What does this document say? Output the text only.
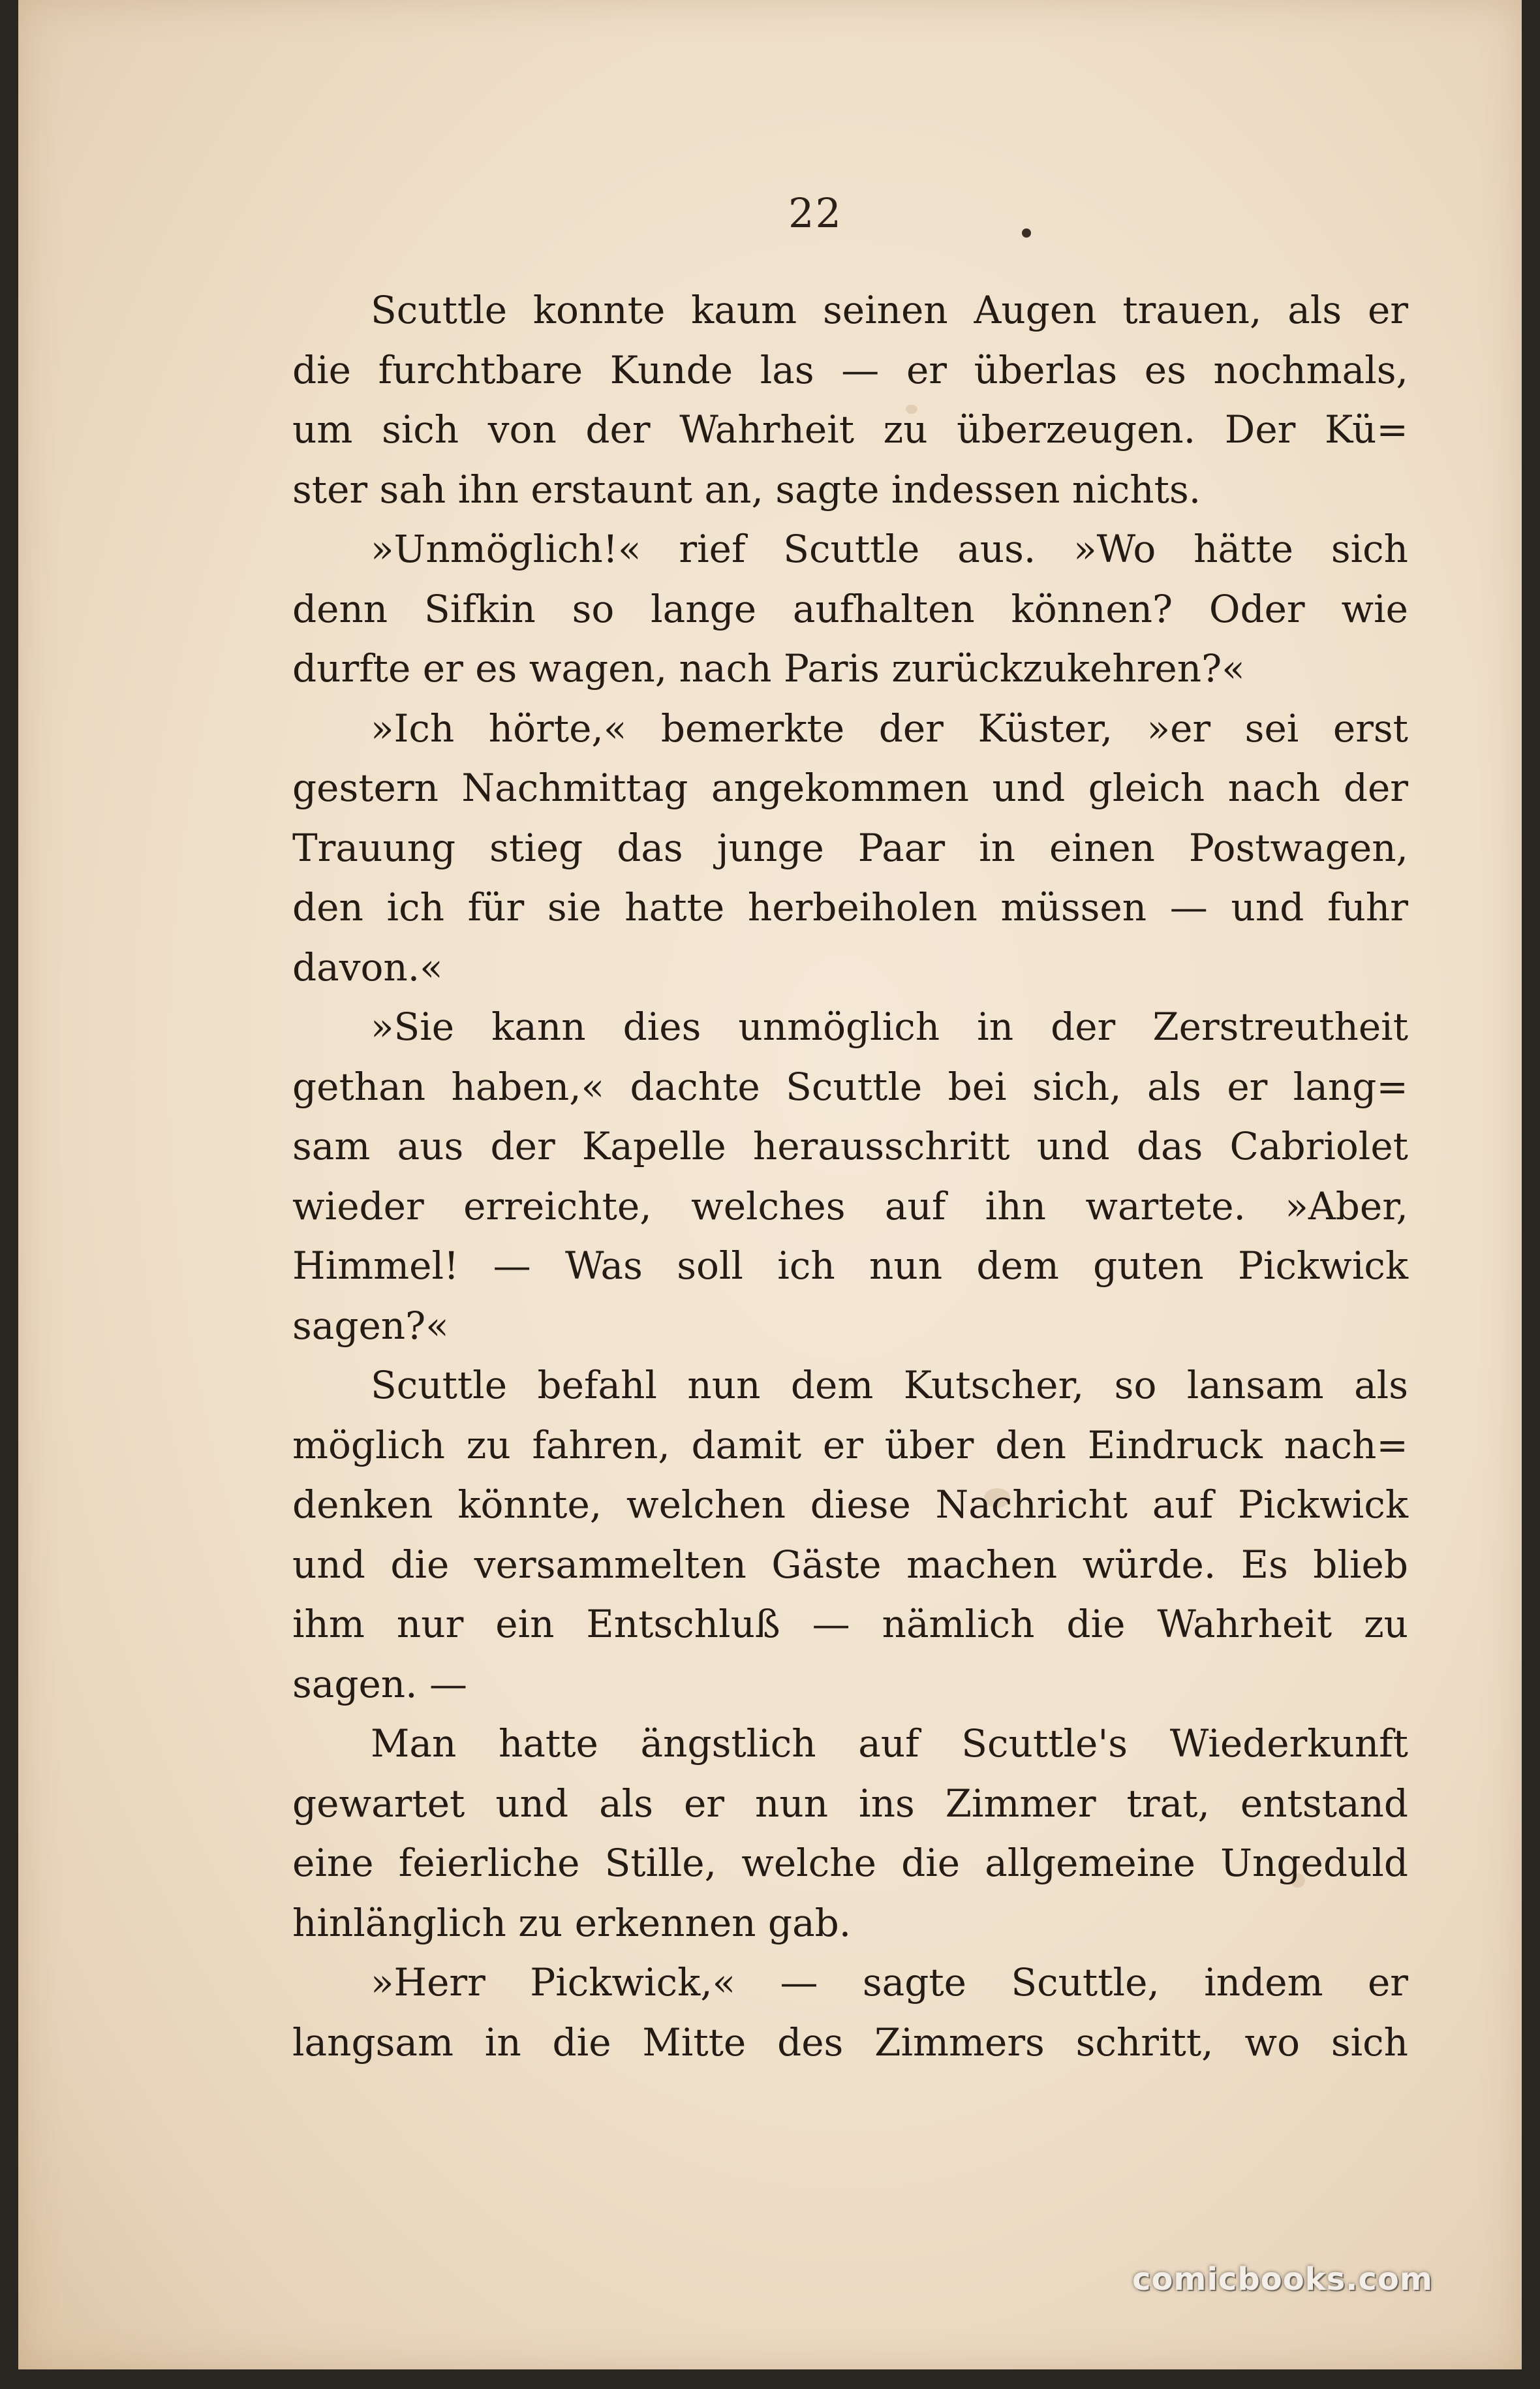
22
Scuttle konnte kaum seinen Augen trauen, als er
die furchtbare Kunde las — er überlas es nochmals,
um sich von der Wahrheit zu überzeugen. Der Kü=
ster sah ihn erstaunt an, sagte indessen nichts.
»Unmöglich!« rief Scuttle aus. »Wo hätte sich
denn Sifkin so lange aufhalten können? Oder wie
durfte er es wagen, nach Paris zurückzukehren?«
»Ich hörte,« bemerkte der Küster, »er sei erst
gestern Nachmittag angekommen und gleich nach der
Trauung stieg das junge Paar in einen Postwagen,
den ich für sie hatte herbeiholen müssen — und fuhr
davon.«
»Sie kann dies unmöglich in der Zerstreutheit
gethan haben,« dachte Scuttle bei sich, als er lang=
sam aus der Kapelle herausschritt und das Cabriolet
wieder erreichte, welches auf ihn wartete. »Aber,
Himmel! — Was soll ich nun dem guten Pickwick
sagen?«
Scuttle befahl nun dem Kutscher, so lansam als
möglich zu fahren, damit er über den Eindruck nach=
denken könnte, welchen diese Nachricht auf Pickwick
und die versammelten Gäste machen würde. Es blieb
ihm nur ein Entschluß — nämlich die Wahrheit zu
sagen. —
Man hatte ängstlich auf Scuttle's Wiederkunft
gewartet und als er nun ins Zimmer trat, entstand
eine feierliche Stille, welche die allgemeine Ungeduld
hinlänglich zu erkennen gab.
»Herr Pickwick,« — sagte Scuttle, indem er
langsam in die Mitte des Zimmers schritt, wo sich
comicbooks.com
